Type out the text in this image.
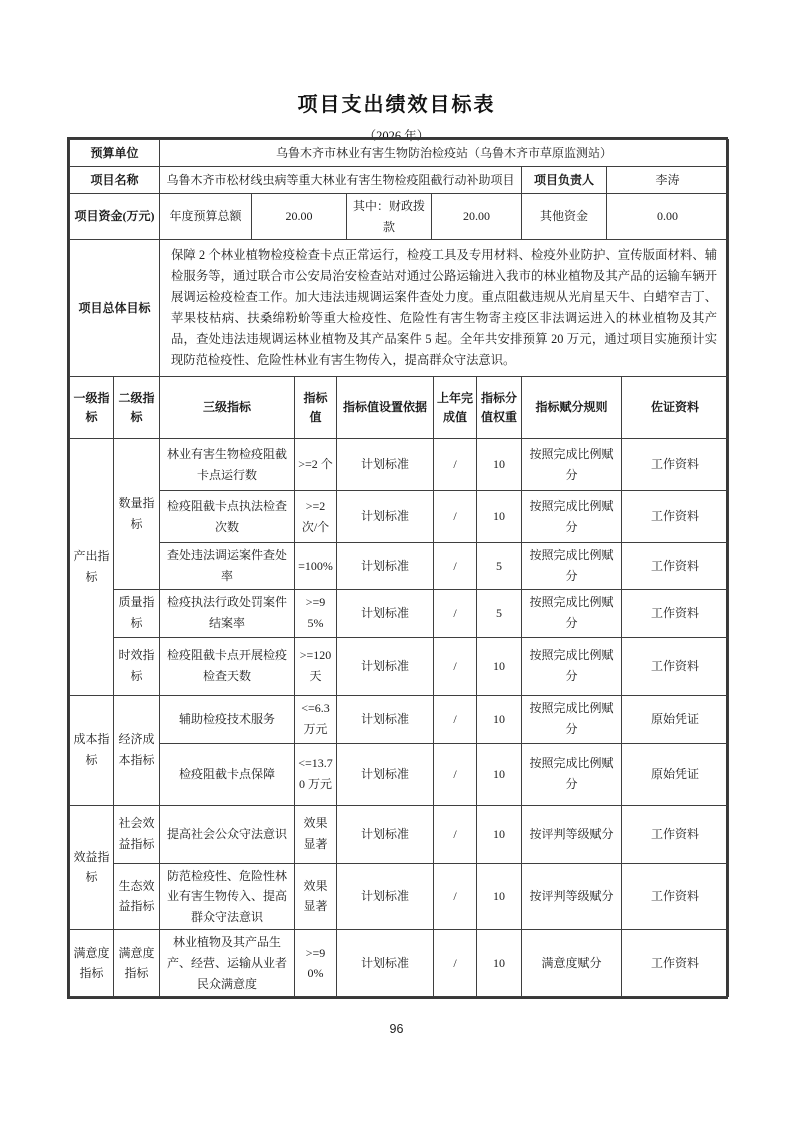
项目支出绩效目标表
（2026 年）
预算单位	乌鲁木齐市林业有害生物防治检疫站（乌鲁木齐市草原监测站）					
项目名称	乌鲁木齐市松材线虫病等重大林业有害生物检疫阻截行动补助项目				项目负责人	李涛
项目资金(万元)	年度预算总额	20.00	其中：财政拨款	20.00	其他资金	0.00
项目总体目标	保障 2 个林业植物检疫检查卡点正常运行，检疫工具及专用材料、检疫外业防护、宣传版面材料、辅检服务等，通过联合市公安局治安检查站对通过公路运输进入我市的林业植物及其产品的运输车辆开展调运检疫检查工作。加大违法违规调运案件查处力度。重点阻截违规从光肩星天牛、白蜡窄吉丁、苹果枝枯病、扶桑绵粉蚧等重大检疫性、危险性有害生物寄主疫区非法调运进入的林业植物及其产品，查处违法违规调运林业植物及其产品案件 5 起。全年共安排预算 20 万元，通过项目实施预计实现防范检疫性、危险性林业有害生物传入，提高群众守法意识。					
一级指标	二级指标	三级指标	指标值	指标值设置依据	上年完成值	指标分值权重	指标赋分规则	佐证资料
产出指标	数量指标	林业有害生物检疫阻截卡点运行数	>=2 个	计划标准	/	10	按照完成比例赋分	工作资料
		检疫阻截卡点执法检查次数	>=2 次/个	计划标准	/	10	按照完成比例赋分	工作资料
		查处违法调运案件查处率	=100%	计划标准	/	5	按照完成比例赋分	工作资料
	质量指标	检疫执法行政处罚案件结案率	>=95%	计划标准	/	5	按照完成比例赋分	工作资料
	时效指标	检疫阻截卡点开展检疫检查天数	>=120 天	计划标准	/	10	按照完成比例赋分	工作资料
成本指标	经济成本指标	辅助检疫技术服务	<=6.3 万元	计划标准	/	10	按照完成比例赋分	原始凭证
		检疫阻截卡点保障	<=13.70 万元	计划标准	/	10	按照完成比例赋分	原始凭证
效益指标	社会效益指标	提高社会公众守法意识	效果显著	计划标准	/	10	按评判等级赋分	工作资料
	生态效益指标	防范检疫性、危险性林业有害生物传入、提高群众守法意识	效果显著	计划标准	/	10	按评判等级赋分	工作资料
满意度指标	满意度指标	林业植物及其产品生产、经营、运输从业者民众满意度	>=90%	计划标准	/	10	满意度赋分	工作资料
96
